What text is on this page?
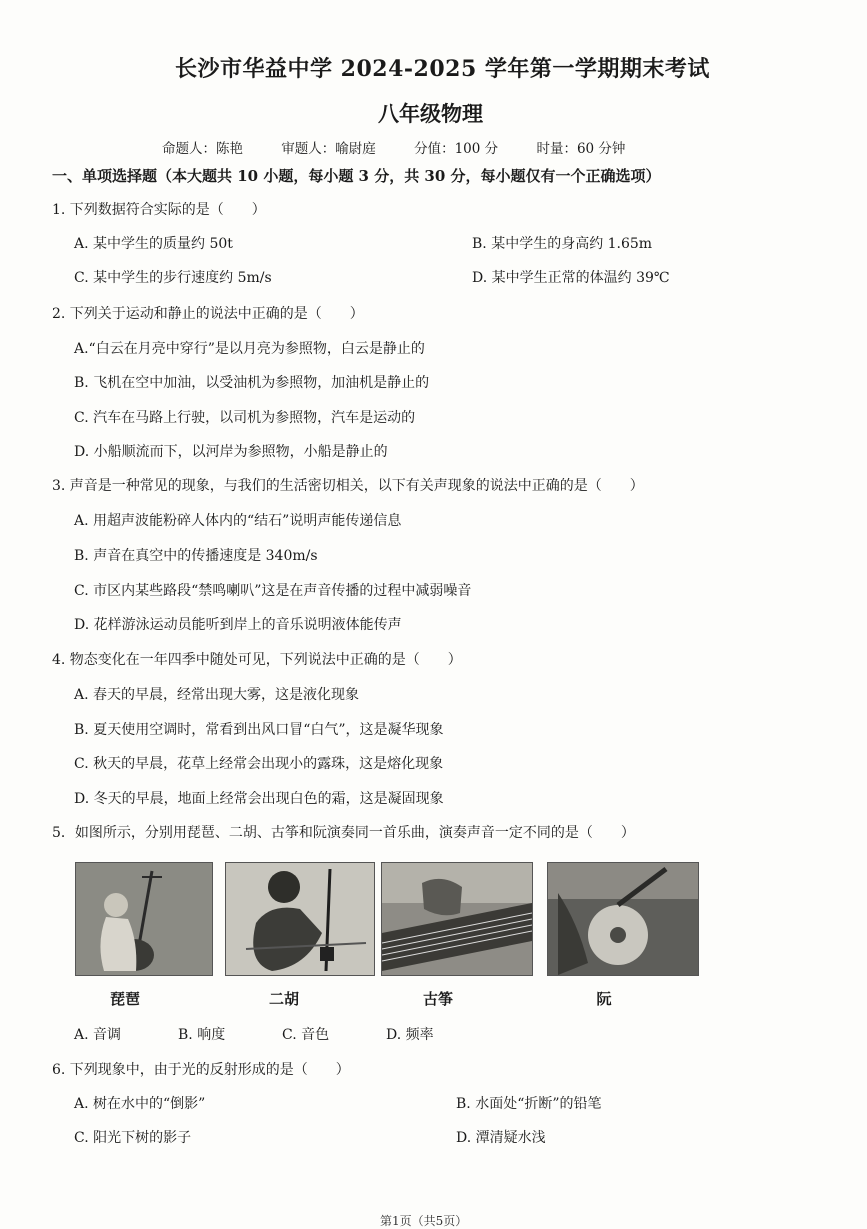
长沙市华益中学 2024-2025 学年第一学期期末考试
八年级物理
命题人：陈艳	审题人：喻尉庭	分值：100 分	时量：60 分钟
一、单项选择题（本大题共 10 小题，每小题 3 分，共 30 分，每小题仅有一个正确选项）
1. 下列数据符合实际的是（　　）
A. 某中学生的质量约 50t	B. 某中学生的身高约 1.65m
C. 某中学生的步行速度约 5m/s	D. 某中学生正常的体温约 39℃
2. 下列关于运动和静止的说法中正确的是（　　）
A.“白云在月亮中穿行”是以月亮为参照物，白云是静止的
B. 飞机在空中加油，以受油机为参照物，加油机是静止的
C. 汽车在马路上行驶，以司机为参照物，汽车是运动的
D. 小船顺流而下，以河岸为参照物，小船是静止的
3. 声音是一种常见的现象，与我们的生活密切相关，以下有关声现象的说法中正确的是（　　）
A. 用超声波能粉碎人体内的“结石”说明声能传递信息
B. 声音在真空中的传播速度是 340m/s
C. 市区内某些路段“禁鸣喇叭”这是在声音传播的过程中减弱噪音
D. 花样游泳运动员能听到岸上的音乐说明液体能传声
4. 物态变化在一年四季中随处可见，下列说法中正确的是（　　）
A. 春天的早晨，经常出现大雾，这是液化现象
B. 夏天使用空调时，常看到出风口冒“白气”，这是凝华现象
C. 秋天的早晨，花草上经常会出现小的露珠，这是熔化现象
D. 冬天的早晨，地面上经常会出现白色的霜，这是凝固现象
5．如图所示，分别用琵琶、二胡、古筝和阮演奏同一首乐曲，演奏声音一定不同的是（　　）
琵琶	二胡	古筝	阮
A. 音调	B. 响度	C. 音色	D. 频率
6. 下列现象中，由于光的反射形成的是（　　）
A. 树在水中的“倒影”	B. 水面处“折断”的铅笔
C. 阳光下树的影子	D. 潭清疑水浅
第1页（共5页）
